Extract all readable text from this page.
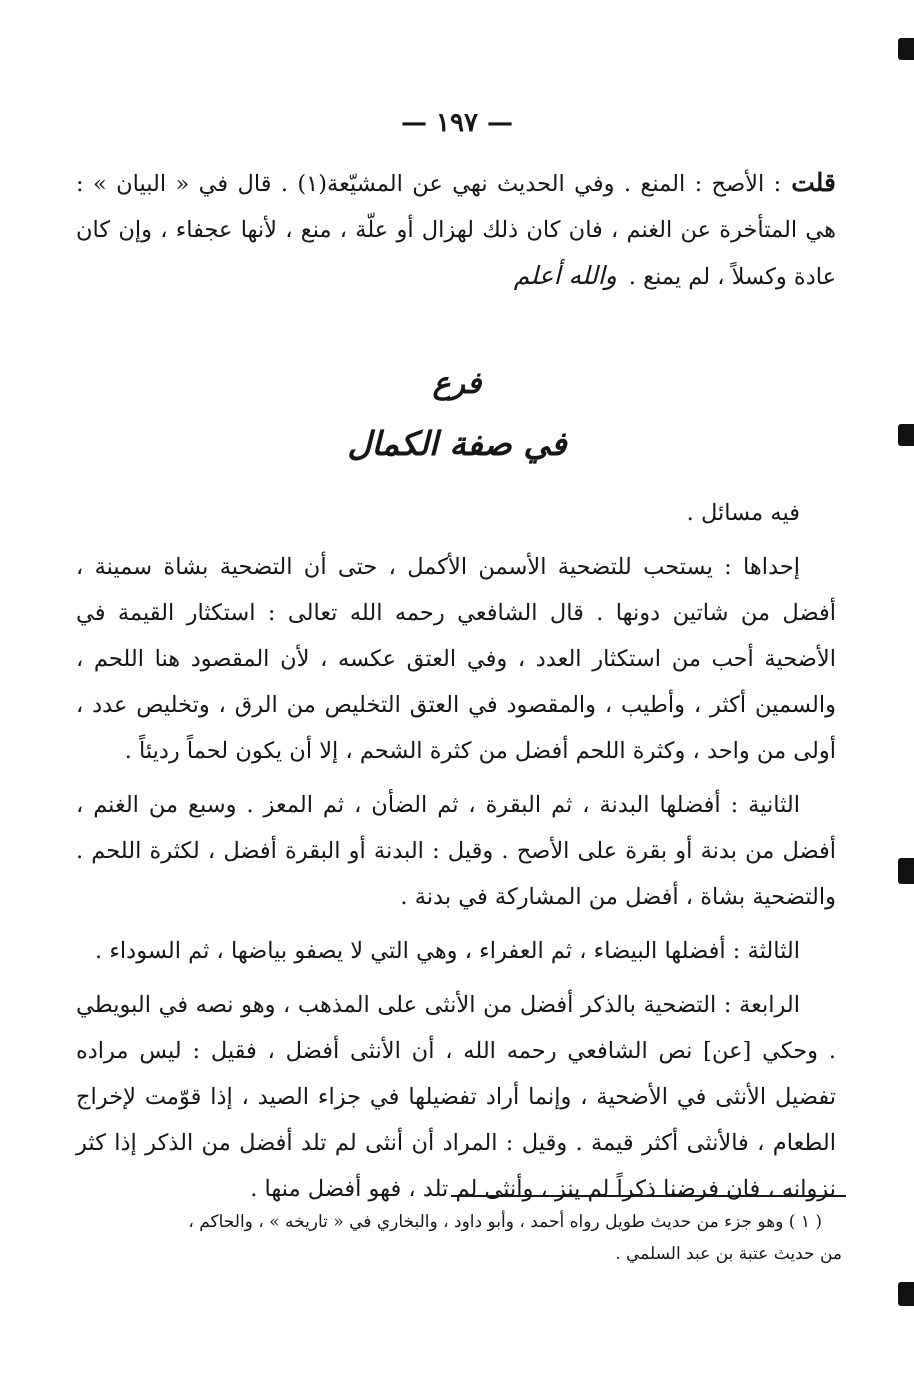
— ١٩٧ —

قلت: الأصح : المنع . وفي الحديث نهي عن المشيّعة(١) . قال في « البيان » : هي المتأخرة عن الغنم ، فان كان ذلك لهزال أو علّة ، منع ، لأنها عجفاء ، وإن كان عادة وكسلاً ، لم يمنع .والله أعلم

فرع
في صفة الكمال

فيه مسائل .

إحداها : يستحب للتضحية الأسمن الأكمل ، حتى أن التضحية بشاة سمينة ، أفضل من شاتين دونها . قال الشافعي رحمه الله تعالى : استكثار القيمة في الأضحية أحب من استكثار العدد ، وفي العتق عكسه ، لأن المقصود هنا اللحم ، والسمين أكثر ، وأطيب ، والمقصود في العتق التخليص من الرق ، وتخليص عدد ، أولى من واحد ، وكثرة اللحم أفضل من كثرة الشحم ، إلا أن يكون لحماً رديئاً .

الثانية : أفضلها البدنة ، ثم البقرة ، ثم الضأن ، ثم المعز . وسبع من الغنم ، أفضل من بدنة أو بقرة على الأصح . وقيل : البدنة أو البقرة أفضل ، لكثرة اللحم . والتضحية بشاة ، أفضل من المشاركة في بدنة .

الثالثة : أفضلها البيضاء ، ثم العفراء ، وهي التي لا يصفو بياضها ، ثم السوداء .

الرابعة : التضحية بالذكر أفضل من الأنثى على المذهب ، وهو نصه في البويطي . وحكي [عن] نص الشافعي رحمه الله ، أن الأنثى أفضل ، فقيل : ليس مراده تفضيل الأنثى في الأضحية ، وإنما أراد تفضيلها في جزاء الصيد ، إذا قوّمت لإخراج الطعام ، فالأنثى أكثر قيمة . وقيل : المراد أن أنثى لم تلد أفضل من الذكر إذا كثر نزوانه ، فان فرضنا ذكراً لم ينز ، وأنثى لم تلد ، فهو أفضل منها .

( ١ ) وهو جزء من حديث طويل رواه أحمد ، وأبو داود ، والبخاري في « تاريخه » ، والحاكم ،

من حديث عتبة بن عبد السلمي .
